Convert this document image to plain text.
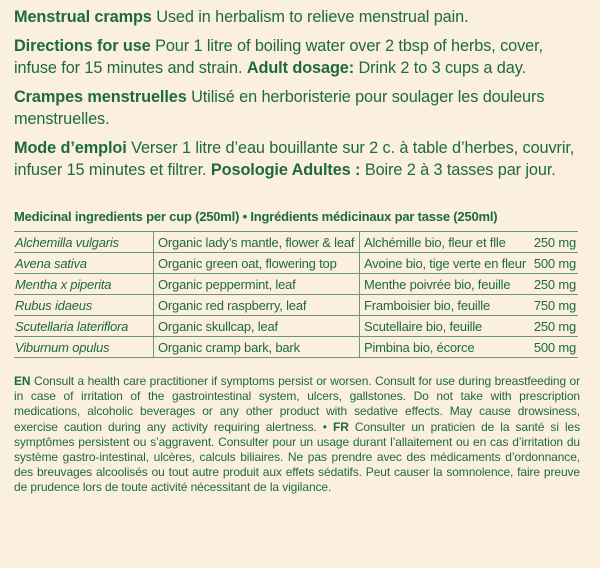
Menstrual cramps Used in herbalism to relieve menstrual pain.

Directions for use Pour 1 litre of boiling water over 2 tbsp of herbs, cover, infuse for 15 minutes and strain. Adult dosage: Drink 2 to 3 cups a day.

Crampes menstruelles Utilisé en herboristerie pour soulager les douleurs menstruelles.

Mode d’emploi Verser 1 litre d’eau bouillante sur 2 c. à table d’herbes, couvrir, infuser 15 minutes et filtrer. Posologie Adultes : Boire 2 à 3 tasses par jour.

Medicinal ingredients per cup (250ml) • Ingrédients médicinaux par tasse (250ml)
Alchemilla vulgaris	Organic lady’s mantle, flower & leaf	Alchémille bio, fleur et flle	250 mg
Avena sativa	Organic green oat, flowering top	Avoine bio, tige verte en fleur	500 mg
Mentha x piperita	Organic peppermint, leaf	Menthe poivrée bio, feuille	250 mg
Rubus idaeus	Organic red raspberry, leaf	Framboisier bio, feuille	750 mg
Scutellaria lateriflora	Organic skullcap, leaf	Scutellaire bio, feuille	250 mg
Viburnum opulus	Organic cramp bark, bark	Pimbina bio, écorce	500 mg
EN Consult a health care practitioner if symptoms persist or worsen. Consult for use during breastfeeding or in case of irritation of the gastrointestinal system, ulcers, gallstones. Do not take with prescription medications, alcoholic beverages or any other product with sedative effects. May cause drowsiness, exercise caution during any activity requiring alertness. • FR Consulter un praticien de la santé si les symptômes persistent ou s’aggravent. Consulter pour un usage durant l’allaitement ou en cas d’irritation du système gastro-intestinal, ulcères, calculs biliaires. Ne pas prendre avec des médicaments d’ordonnance, des breuvages alcoolisés ou tout autre produit aux effets sédatifs. Peut causer la somnolence, faire preuve de prudence lors de toute activité nécessitant de la vigilance.
